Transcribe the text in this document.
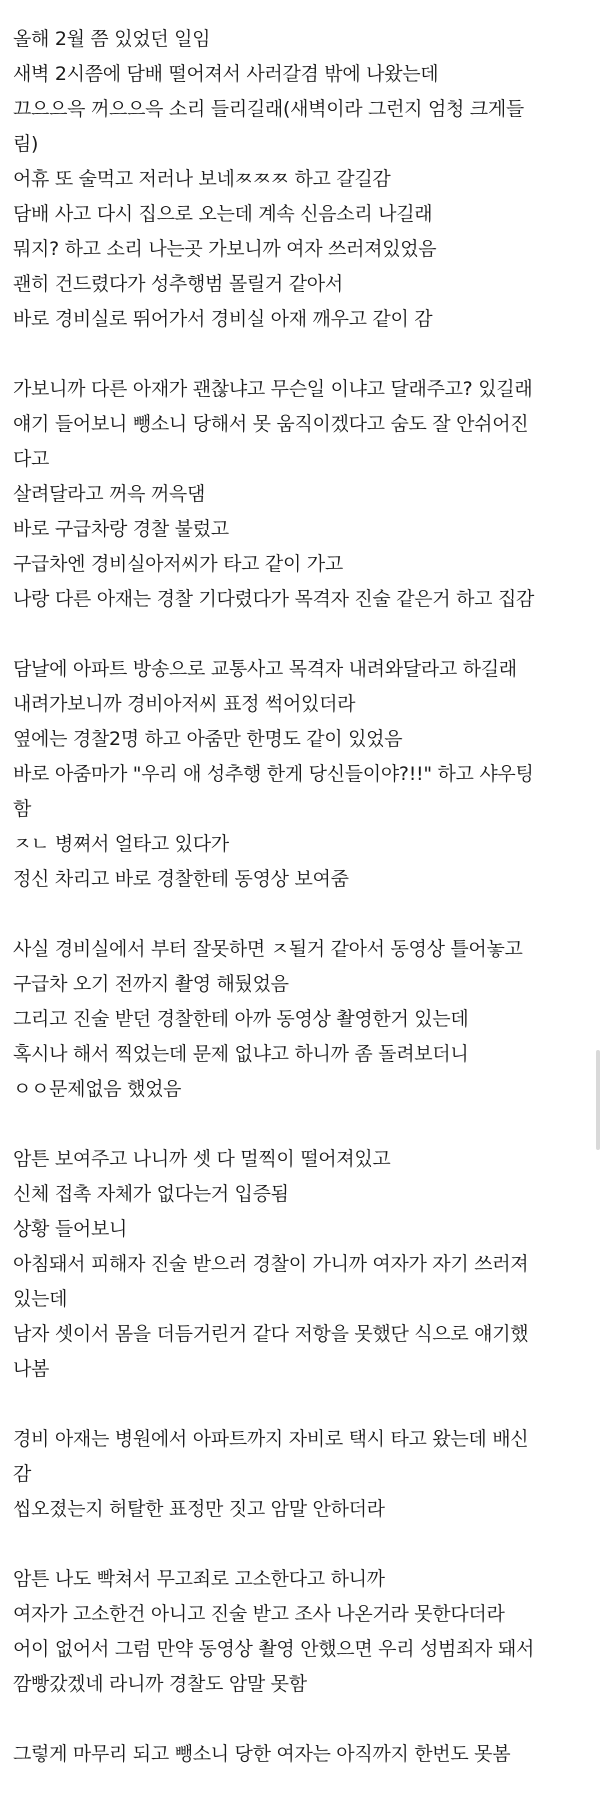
올해 2월 쯤 있었던 일임
새벽 2시쯤에 담배 떨어져서 사러갈겸 밖에 나왔는데
끄으으윽 꺼으으윽 소리 들리길래(새벽이라 그런지 엄청 크게들
림)
어휴 또 술먹고 저러나 보네ㅉㅉㅉ 하고 갈길감
담배 사고 다시 집으로 오는데 계속 신음소리 나길래
뭐지? 하고 소리 나는곳 가보니까 여자 쓰러져있었음
괜히 건드렸다가 성추행범 몰릴거 같아서
바로 경비실로 뛰어가서 경비실 아재 깨우고 같이 감
가보니까 다른 아재가 괜찮냐고 무슨일 이냐고 달래주고? 있길래
얘기 들어보니 뺑소니 당해서 못 움직이겠다고 숨도 잘 안쉬어진
다고
살려달라고 꺼윽 꺼윽댐
바로 구급차랑 경찰 불렀고
구급차엔 경비실아저씨가 타고 같이 가고
나랑 다른 아재는 경찰 기다렸다가 목격자 진술 같은거 하고 집감
담날에 아파트 방송으로 교통사고 목격자 내려와달라고 하길래
내려가보니까 경비아저씨 표정 썩어있더라
옆에는 경찰2명 하고 아줌만 한명도 같이 있었음
바로 아줌마가 "우리 애 성추행 한게 당신들이야?!!" 하고 샤우팅
함
ㅈㄴ 병쪄서 얼타고 있다가
정신 차리고 바로 경찰한테 동영상 보여줌
사실 경비실에서 부터 잘못하면 ㅈ될거 같아서 동영상 틀어놓고
구급차 오기 전까지 촬영 해뒀었음
그리고 진술 받던 경찰한테 아까 동영상 촬영한거 있는데
혹시나 해서 찍었는데 문제 없냐고 하니까 좀 돌려보더니
ㅇㅇ문제없음 했었음
암튼 보여주고 나니까 셋 다 멀찍이 떨어져있고
신체 접촉 자체가 없다는거 입증됨
상황 들어보니
아침돼서 피해자 진술 받으러 경찰이 가니까 여자가 자기 쓰러져
있는데
남자 셋이서 몸을 더듬거린거 같다 저항을 못했단 식으로 얘기했
나봄
경비 아재는 병원에서 아파트까지 자비로 택시 타고 왔는데 배신
감
씹오졌는지 허탈한 표정만 짓고 암말 안하더라
암튼 나도 빡쳐서 무고죄로 고소한다고 하니까
여자가 고소한건 아니고 진술 받고 조사 나온거라 못한다더라
어이 없어서 그럼 만약 동영상 촬영 안했으면 우리 성범죄자 돼서
깜빵갔겠네 라니까 경찰도 암말 못함
그렇게 마무리 되고 뺑소니 당한 여자는 아직까지 한번도 못봄
